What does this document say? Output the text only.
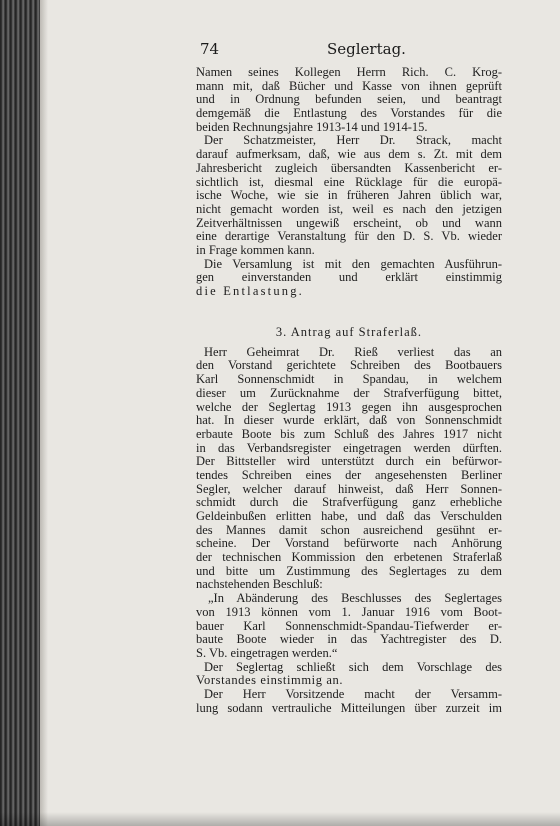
74	Seglertag.
Namen seines Kollegen Herrn Rich. C. Krog-
mann mit, daß Bücher und Kasse von ihnen geprüft
und in Ordnung befunden seien, und beantragt
demgemäß die Entlastung des Vorstandes für die
beiden Rechnungsjahre 1913-14 und 1914-15.
Der Schatzmeister, Herr Dr. Strack, macht
darauf aufmerksam, daß, wie aus dem s. Zt. mit dem
Jahresbericht zugleich übersandten Kassenbericht er-
sichtlich ist, diesmal eine Rücklage für die europä-
ische Woche, wie sie in früheren Jahren üblich war,
nicht gemacht worden ist, weil es nach den jetzigen
Zeitverhältnissen ungewiß erscheint, ob und wann
eine derartige Veranstaltung für den D. S. Vb. wieder
in Frage kommen kann.
Die Versamlung ist mit den gemachten Ausführun-
gen einverstanden und erklärt einstimmig
die Entlastung.
3. Antrag auf Straferlaß.
Herr Geheimrat Dr. Rieß verliest das an
den Vorstand gerichtete Schreiben des Bootbauers
Karl Sonnenschmidt in Spandau, in welchem
dieser um Zurücknahme der Strafverfügung bittet,
welche der Seglertag 1913 gegen ihn ausgesprochen
hat. In dieser wurde erklärt, daß von Sonnenschmidt
erbaute Boote bis zum Schluß des Jahres 1917 nicht
in das Verbandsregister eingetragen werden dürften.
Der Bittsteller wird unterstützt durch ein befürwor-
tendes Schreiben eines der angesehensten Berliner
Segler, welcher darauf hinweist, daß Herr Sonnen-
schmidt durch die Strafverfügung ganz erhebliche
Geldeinbußen erlitten habe, und daß das Verschulden
des Mannes damit schon ausreichend gesühnt er-
scheine. Der Vorstand befürworte nach Anhörung
der technischen Kommission den erbetenen Straferlaß
und bitte um Zustimmung des Seglertages zu dem
nachstehenden Beschluß:
„In Abänderung des Beschlusses des Seglertages
von 1913 können vom 1. Januar 1916 vom Boot-
bauer Karl Sonnenschmidt-Spandau-Tiefwerder er-
baute Boote wieder in das Yachtregister des D.
S. Vb. eingetragen werden.“
Der Seglertag schließt sich dem Vorschlage des
Vorstandes einstimmig an.
Der Herr Vorsitzende macht der Versamm-
lung sodann vertrauliche Mitteilungen über zurzeit im
